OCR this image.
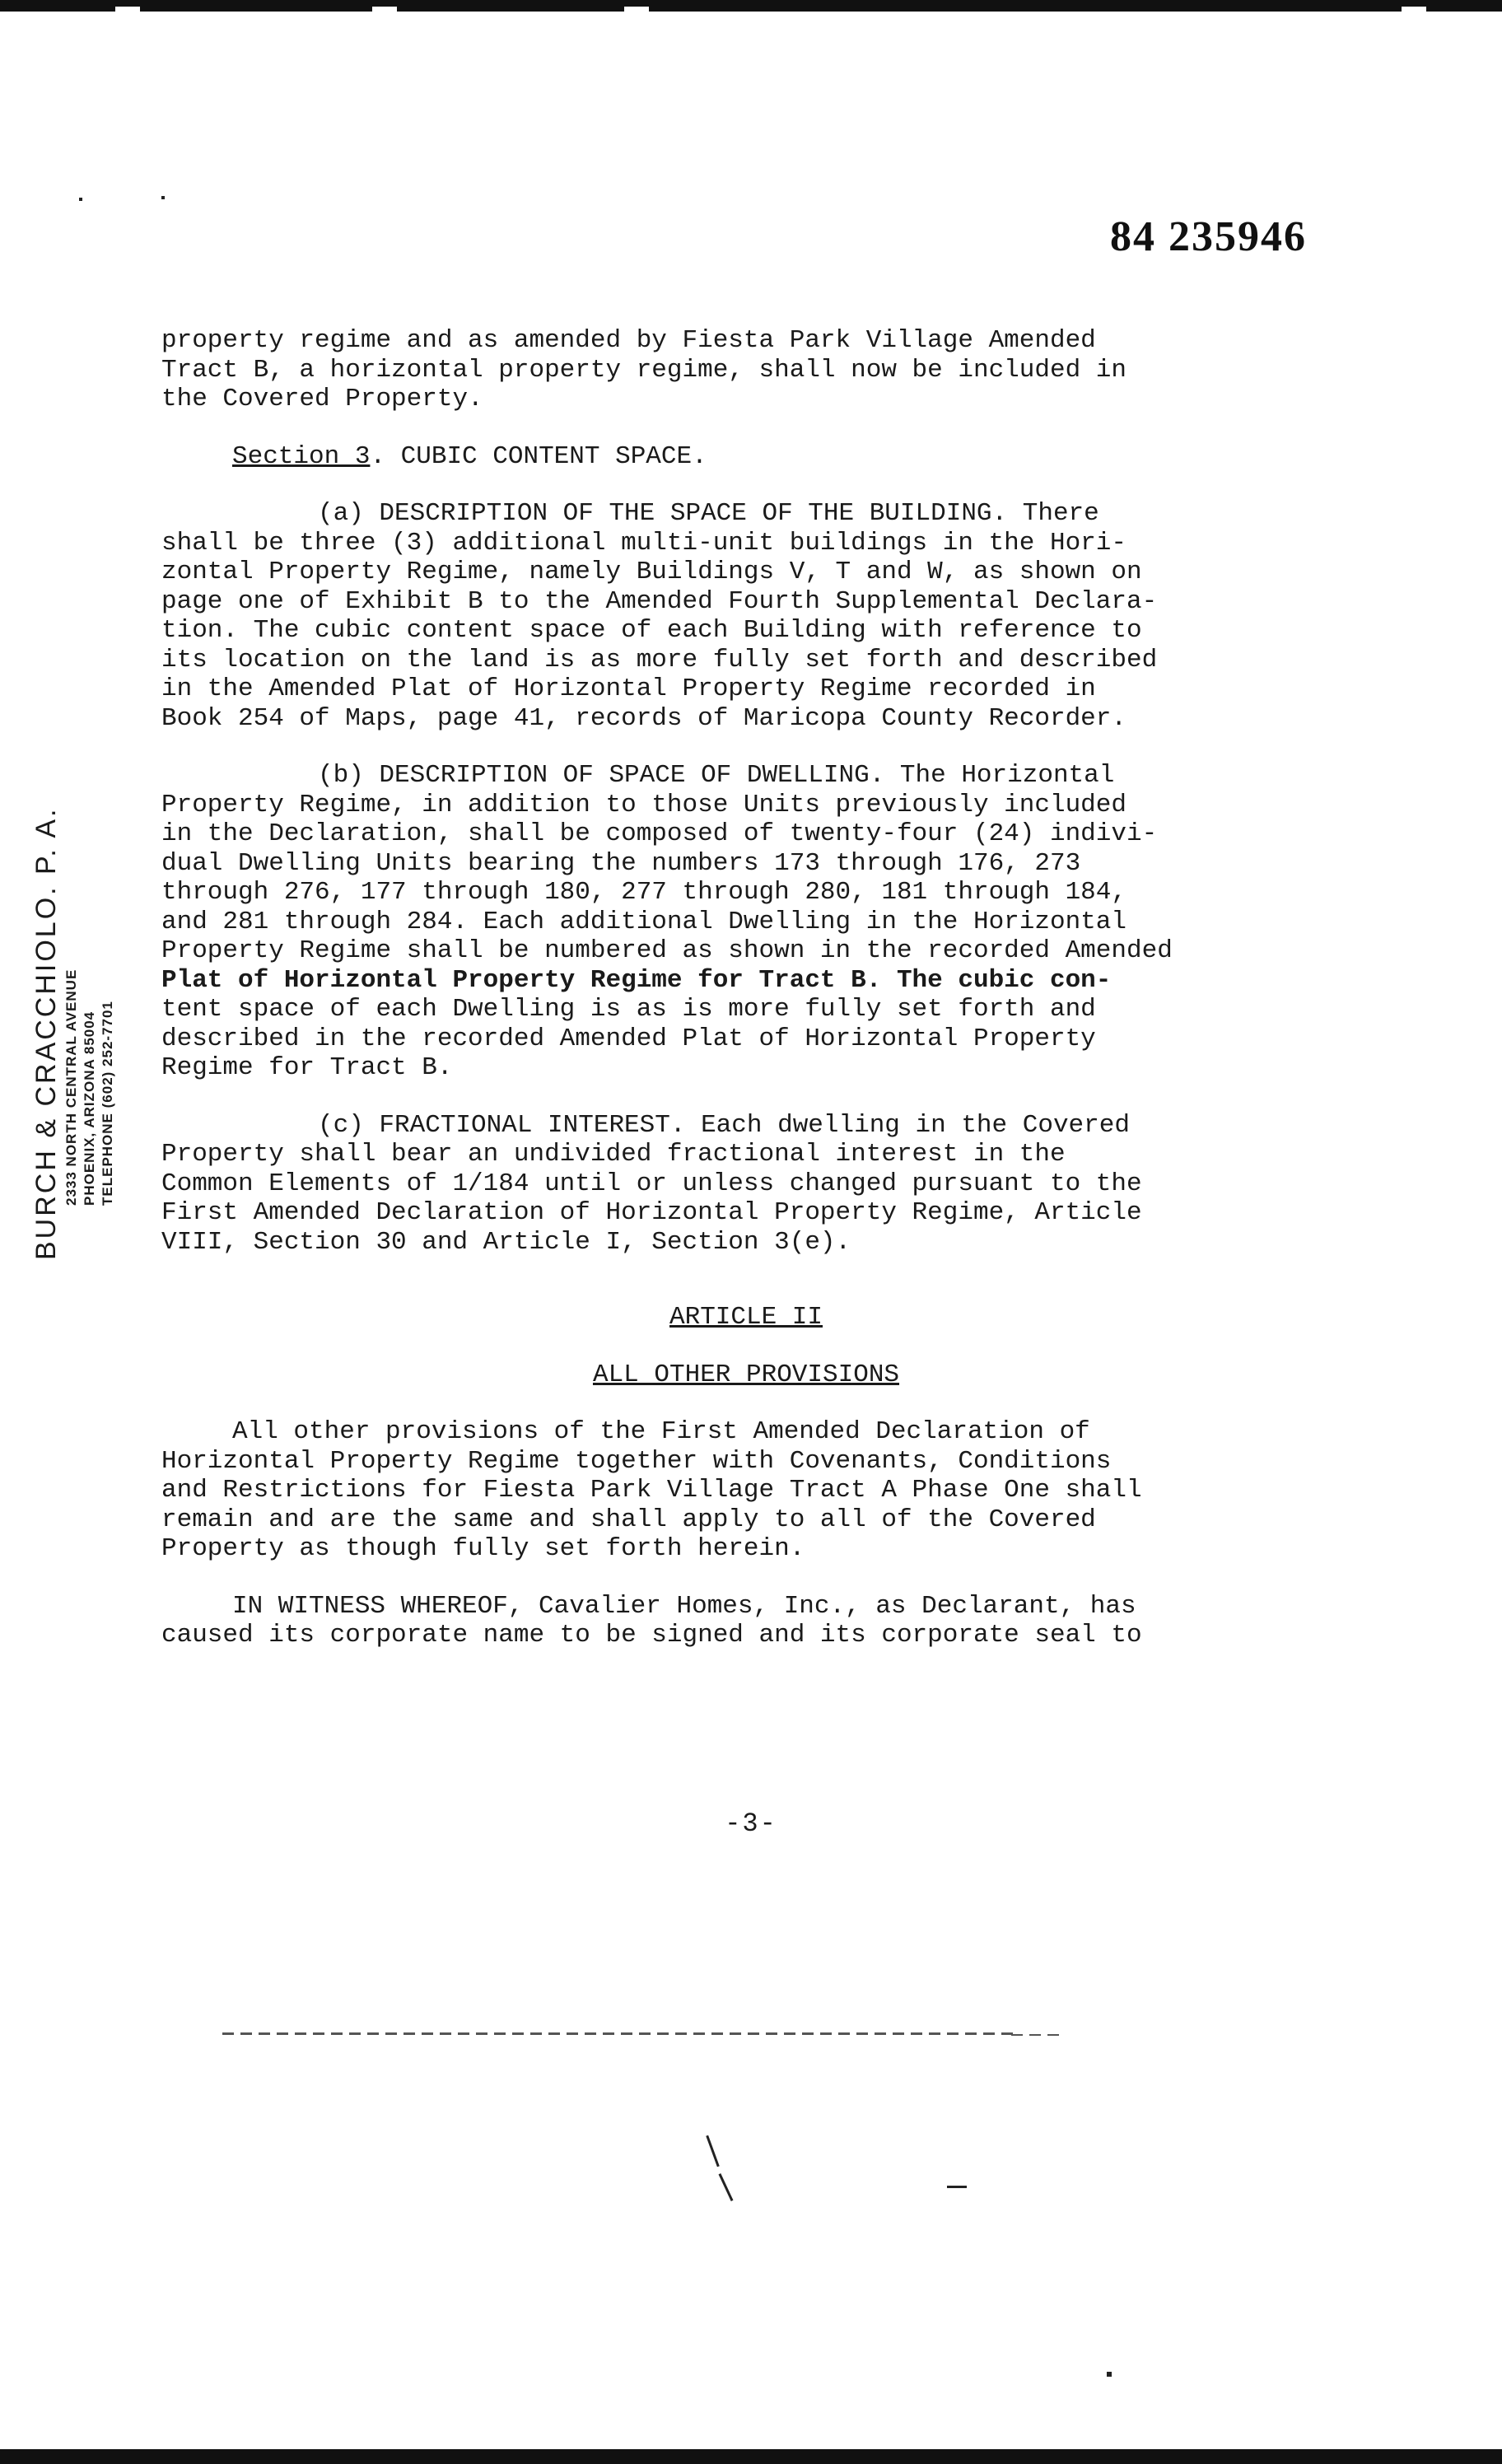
84 235946
BURCH & CRACCHIOLO. P. A. 2333 NORTH CENTRAL AVENUE PHOENIX, ARIZONA 85004 TELEPHONE (602) 252-7701

property regime and as amended by Fiesta Park Village Amended

Tract B, a horizontal property regime, shall now be included in

the Covered Property.

Section 3. CUBIC CONTENT SPACE.

(a) DESCRIPTION OF THE SPACE OF THE BUILDING. There

shall be three (3) additional multi-unit buildings in the Hori-

zontal Property Regime, namely Buildings V, T and W, as shown on

page one of Exhibit B to the Amended Fourth Supplemental Declara-

tion. The cubic content space of each Building with reference to

its location on the land is as more fully set forth and described

in the Amended Plat of Horizontal Property Regime recorded in

Book 254 of Maps, page 41, records of Maricopa County Recorder.

(b) DESCRIPTION OF SPACE OF DWELLING. The Horizontal

Property Regime, in addition to those Units previously included

in the Declaration, shall be composed of twenty-four (24) indivi-

dual Dwelling Units bearing the numbers 173 through 176, 273

through 276, 177 through 180, 277 through 280, 181 through 184,

and 281 through 284. Each additional Dwelling in the Horizontal

Property Regime shall be numbered as shown in the recorded Amended

Plat of Horizontal Property Regime for Tract B. The cubic con-

tent space of each Dwelling is as is more fully set forth and

described in the recorded Amended Plat of Horizontal Property

Regime for Tract B.

(c) FRACTIONAL INTEREST. Each dwelling in the Covered

Property shall bear an undivided fractional interest in the

Common Elements of 1/184 until or unless changed pursuant to the

First Amended Declaration of Horizontal Property Regime, Article

VIII, Section 30 and Article I, Section 3(e).

ARTICLE II

ALL OTHER PROVISIONS

All other provisions of the First Amended Declaration of

Horizontal Property Regime together with Covenants, Conditions

and Restrictions for Fiesta Park Village Tract A Phase One shall

remain and are the same and shall apply to all of the Covered

Property as though fully set forth herein.

IN WITNESS WHEREOF, Cavalier Homes, Inc., as Declarant, has

caused its corporate name to be signed and its corporate seal to

-3-
